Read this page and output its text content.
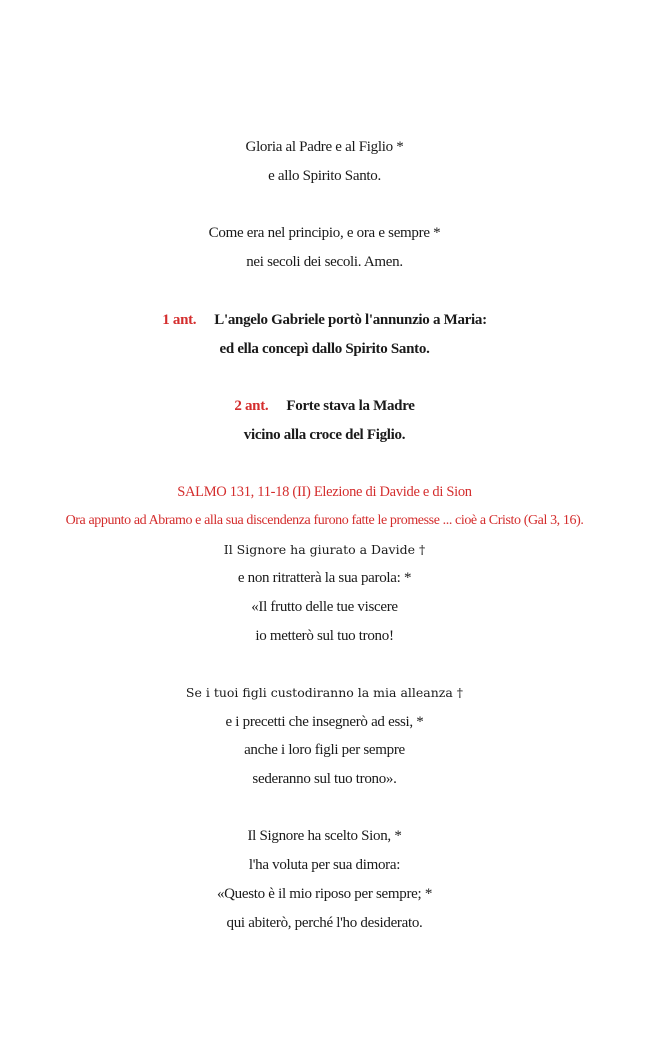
Gloria al Padre e al Figlio *
e allo Spirito Santo.
Come era nel principio, e ora e sempre *
nei secoli dei secoli. Amen.
1 ant. L'angelo Gabriele portò l'annunzio a Maria:
ed ella concepì dallo Spirito Santo.
2 ant. Forte stava la Madre
vicino alla croce del Figlio.
SALMO 131, 11-18 (II) Elezione di Davide e di Sion
Ora appunto ad Abramo e alla sua discendenza furono fatte le promesse ... cioè a Cristo (Gal 3, 16).
Il Signore ha giurato a Davide †
e non ritratterà la sua parola: *
«Il frutto delle tue viscere
io metterò sul tuo trono!
Se i tuoi figli custodiranno la mia alleanza †
e i precetti che insegnerò ad essi, *
anche i loro figli per sempre
sederanno sul tuo trono».
Il Signore ha scelto Sion, *
l'ha voluta per sua dimora:
«Questo è il mio riposo per sempre; *
qui abiterò, perché l'ho desiderato.
